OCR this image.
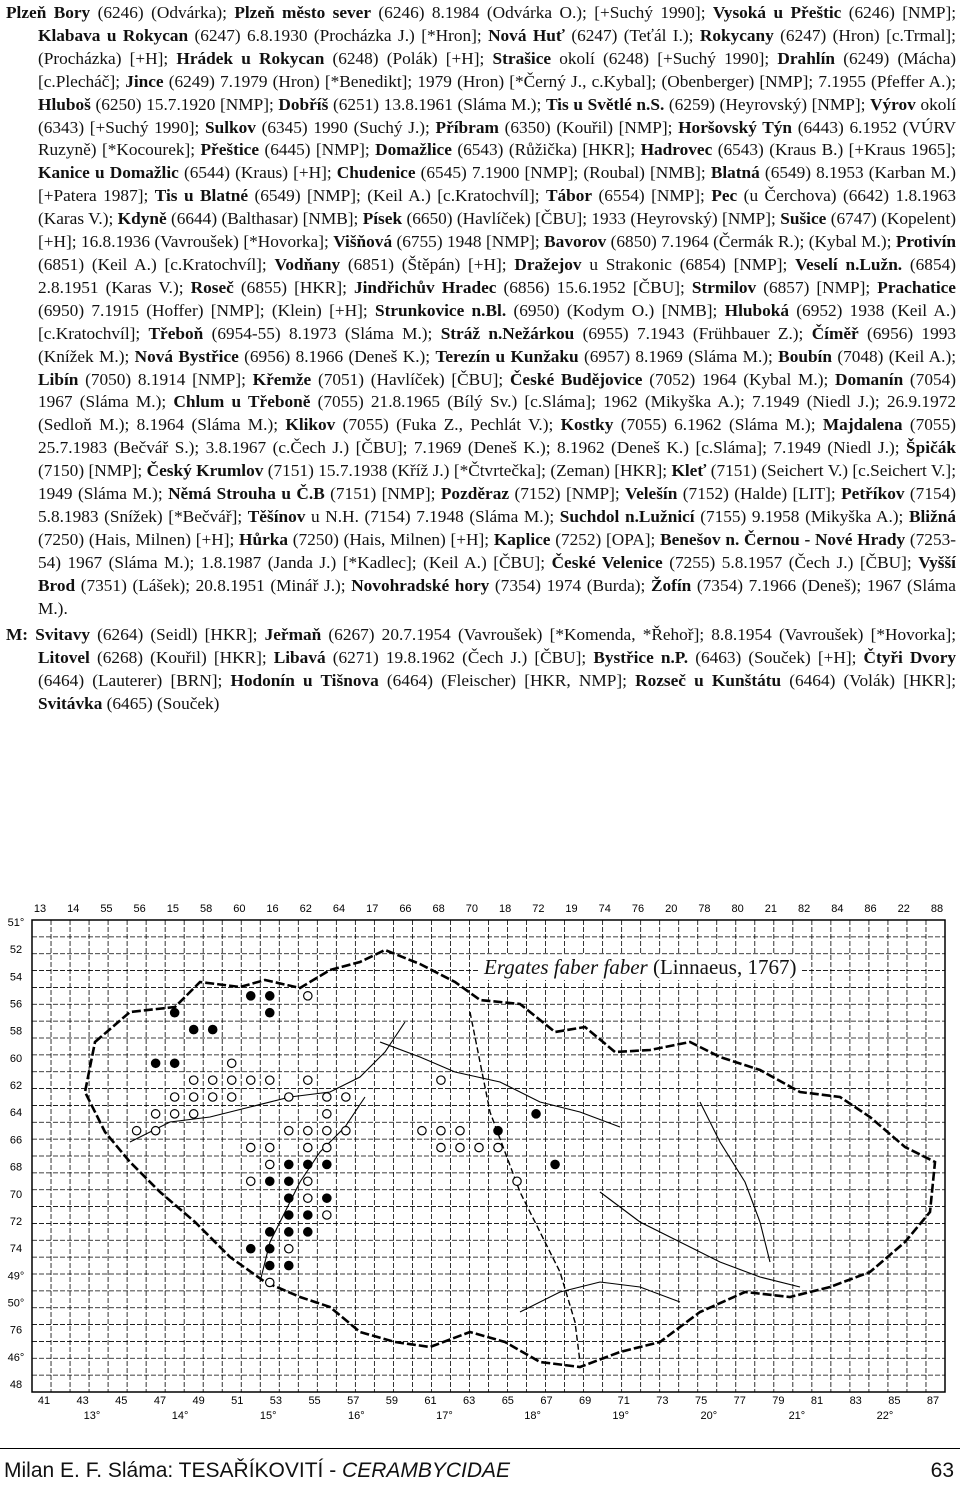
Plzeň Bory (6246) (Odvárka); Plzeň město sever (6246) 8.1984 (Odvárka O.); [+Suchý 1990]; Vysoká u Přeštic (6246) [NMP]; Klabava u Rokycan (6247) 6.8.1930 (Procházka J.) [*Hron]; Nová Huť (6247) (Teťál I.); Rokycany (6247) (Hron) [c.Trmal]; (Procházka) [+H]; Hrádek u Rokycan (6248) (Polák) [+H]; Strašice okolí (6248) [+Suchý 1990]; Drahlín (6249) (Mácha) [c.Plecháč]; Jince (6249) 7.1979 (Hron) [*Benedikt]; 1979 (Hron) [*Černý J., c.Kybal]; (Obenberger) [NMP]; 7.1955 (Pfeffer A.); Hluboš (6250) 15.7.1920 [NMP]; Dobříš (6251) 13.8.1961 (Sláma M.); Tis u Světlé n.S. (6259) (Heyrovský) [NMP]; Výrov okolí (6343) [+Suchý 1990]; Sulkov (6345) 1990 (Suchý J.); Příbram (6350) (Kouřil) [NMP]; Horšovský Týn (6443) 6.1952 (VÚRV Ruzyně) [*Kocourek]; Přeštice (6445) [NMP]; Domažlice (6543) (Růžička) [HKR]; Hadrovec (6543) (Kraus B.) [+Kraus 1965]; Kanice u Domažlic (6544) (Kraus) [+H]; Chudenice (6545) 7.1900 [NMP]; (Roubal) [NMB]; Blatná (6549) 8.1953 (Karban M.) [+Patera 1987]; Tis u Blatné (6549) [NMP]; (Keil A.) [c.Kratochvíl]; Tábor (6554) [NMP]; Pec (u Čerchova) (6642) 1.8.1963 (Karas V.); Kdyně (6644) (Balthasar) [NMB]; Písek (6650) (Havlíček) [ČBU]; 1933 (Heyrovský) [NMP]; Sušice (6747) (Kopelent) [+H]; 16.8.1936 (Vavroušek) [*Hovorka]; Višňová (6755) 1948 [NMP]; Bavorov (6850) 7.1964 (Čermák R.); (Kybal M.); Protivín (6851) (Keil A.) [c.Kratochvíl]; Vodňany (6851) (Štěpán) [+H]; Dražejov u Strakonic (6854) [NMP]; Veselí n.Lužn. (6854) 2.8.1951 (Karas V.); Roseč (6855) [HKR]; Jindřichův Hradec (6856) 15.6.1952 [ČBU]; Strmilov (6857) [NMP]; Prachatice (6950) 7.1915 (Hoffer) [NMP]; (Klein) [+H]; Strunkovice n.Bl. (6950) (Kodym O.) [NMB]; Hluboká (6952) 1938 (Keil A.) [c.Kratochvíl]; Třeboň (6954-55) 8.1973 (Sláma M.); Stráž n.Nežárkou (6955) 7.1943 (Frühbauer Z.); Číměř (6956) 1993 (Knížek M.); Nová Bystřice (6956) 8.1966 (Deneš K.); Terezín u Kunžaku (6957) 8.1969 (Sláma M.); Boubín (7048) (Keil A.); Libín (7050) 8.1914 [NMP]; Křemže (7051) (Havlíček) [ČBU]; České Budějovice (7052) 1964 (Kybal M.); Domanín (7054) 1967 (Sláma M.); Chlum u Třeboně (7055) 21.8.1965 (Bílý Sv.) [c.Sláma]; 1962 (Mikyška A.); 7.1949 (Niedl J.); 26.9.1972 (Sedloň M.); 8.1964 (Sláma M.); Klikov (7055) (Fuka Z., Pechlát V.); Kostky (7055) 6.1962 (Sláma M.); Majdalena (7055) 25.7.1983 (Bečvář S.); 3.8.1967 (c.Čech J.) [ČBU]; 7.1969 (Deneš K.); 8.1962 (Deneš K.) [c.Sláma]; 7.1949 (Niedl J.); Špičák (7150) [NMP]; Český Krumlov (7151) 15.7.1938 (Kříž J.) [*Čtvrtečka]; (Zeman) [HKR]; Kleť (7151) (Seichert V.) [c.Seichert V.]; 1949 (Sláma M.); Němá Strouha u Č.B (7151) [NMP]; Pozděraz (7152) [NMP]; Velešín (7152) (Halde) [LIT]; Petříkov (7154) 5.8.1983 (Snížek) [*Bečvář]; Těšínov u N.H. (7154) 7.1948 (Sláma M.); Suchdol n.Lužnicí (7155) 9.1958 (Mikyška A.); Bližná (7250) (Hais, Milnen) [+H]; Hůrka (7250) (Hais, Milnen) [+H]; Kaplice (7252) [OPA]; Benešov n. Černou - Nové Hrady (7253-54) 1967 (Sláma M.); 1.8.1987 (Janda J.) [*Kadlec]; (Keil A.) [ČBU]; České Velenice (7255) 5.8.1957 (Čech J.) [ČBU]; Vyšší Brod (7351) (Lášek); 20.8.1951 (Minář J.); Novohradské hory (7354) 1974 (Burda); Žofín (7354) 7.1966 (Deneš); 1967 (Sláma M.).

M: Svitavy (6264) (Seidl) [HKR]; Jeřmaň (6267) 20.7.1954 (Vavroušek) [*Komenda, *Řehoř]; 8.8.1954 (Vavroušek) [*Hovorka]; Litovel (6268) (Kouřil) [HKR]; Libavá (6271) 19.8.1962 (Čech J.) [ČBU]; Bystřice n.P. (6463) (Souček) [+H]; Čtyři Dvory (6464) (Lauterer) [BRN]; Hodonín u Tišnova (6464) (Fleischer) [HKR, NMP]; Rozseč u Kunštátu (6464) (Volák) [HKR]; Svitávka (6465) (Souček)

13 14 55 56 15 58 60 16 62 64 17 66 68 70 18 72 19 74 76 20 78 80 21 82 84 86 22 88
41 43 45 47 49 51 53 55 57 59 61 63 65 67 69 71 73 75 77 79 81 83 85 87
13°	14°	15°	16°	17°	18°	19°	20°	21°	22°
51°
52
54
56
58
60
62
64
66
68
70
72
74
49°
50°
76
46°
48
Ergates faber faber (Linnaeus, 1767)
Milan E. F. Sláma: TESAŘÍKOVITÍ - CERAMBYCIDAE	63
